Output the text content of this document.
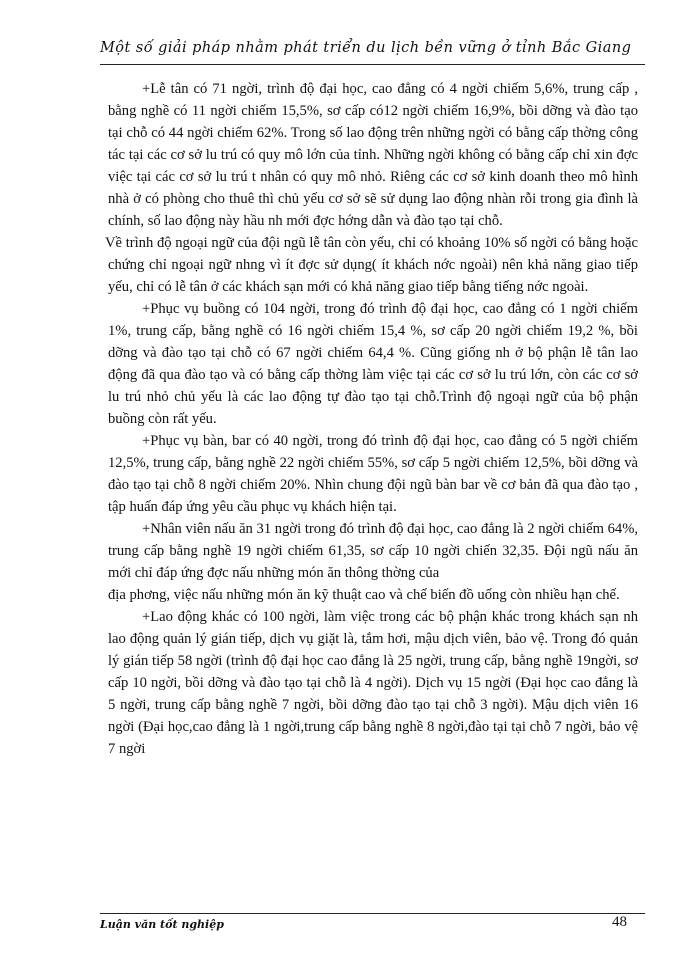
Một số giải pháp nhằm phát triển du lịch bền vững ở tỉnh Bắc Giang

+Lễ tân có 71 ngời, trình độ đại học, cao đẳng có 4 ngời chiếm 5,6%, trung cấp , bằng nghề có 11 ngời chiếm 15,5%, sơ cấp có12 ngời chiếm 16,9%, bồi dỡng và đào tạo tại chỗ có 44 ngời chiếm 62%. Trong số lao động trên những ngời có bằng cấp thờng công tác tại các cơ sở lu trú có quy mô lớn của tỉnh. Những ngời không có bằng cấp chỉ xin đợc việc tại các cơ sở lu trú t nhân có quy mô nhỏ. Riêng các cơ sở kinh doanh theo mô hình nhà ở có phòng cho thuê thì chủ yếu cơ sở sẽ sử dụng lao động nhàn rỗi trong gia đình là chính, số lao động này hầu nh mới đợc hớng dẫn và đào tạo tại chỗ.

Về trình độ ngoại ngữ của đội ngũ lễ tân còn yếu, chỉ có khoảng 10% số ngời có bằng hoặc chứng chỉ ngoại ngữ nhng vì ít đợc sử dụng( ít khách nớc ngoài) nên khả năng giao tiếp yếu, chỉ có lễ tân ở các khách sạn mới có khả năng giao tiếp bằng tiếng nớc ngoài.

+Phục vụ buồng có 104 ngời, trong đó trình độ đại học, cao đẳng có 1 ngời chiếm 1%, trung cấp, bằng nghề có 16 ngời chiếm 15,4 %, sơ cấp 20 ngời chiếm 19,2 %, bồi dỡng và đào tạo tại chỗ có 67 ngời chiếm 64,4 %. Cũng giống nh ở bộ phận lễ tân lao động đã qua đào tạo và có bằng cấp thờng làm việc tại các cơ sở lu trú lớn, còn các cơ sở lu trú nhỏ chủ yếu là các lao động tự đào tạo tại chỗ.Trình độ ngoại ngữ của bộ phận buồng còn rất yếu.

+Phục vụ bàn, bar có 40 ngời, trong đó trình độ đại học, cao đẳng có 5 ngời chiếm 12,5%, trung cấp, bằng nghề 22 ngời chiếm 55%, sơ cấp 5 ngời chiếm 12,5%, bồi dỡng và đào tạo tại chỗ 8 ngời chiếm 20%. Nhìn chung đội ngũ bàn bar về cơ bản đã qua đào tạo , tập huấn đáp ứng yêu cầu phục vụ khách hiện tại.

+Nhân viên nấu ăn 31 ngời trong đó trình độ đại học, cao đẳng là 2 ngời chiếm 64%, trung cấp bằng nghề 19 ngời chiếm 61,35, sơ cấp 10 ngời chiến 32,35. Đội ngũ nấu ăn mới chỉ đáp ứng đợc nấu những món ăn thông thờng của

địa phơng, việc nấu những món ăn kỹ thuật cao và chế biến đồ uống còn nhiều hạn chế.

+Lao động khác có 100 ngời, làm việc trong các bộ phận khác trong khách sạn nh lao động quản lý gián tiếp, dịch vụ giặt là, tắm hơi, mậu dịch viên, bảo vệ. Trong đó quản lý gián tiếp 58 ngời (trình độ đại học cao đẳng là 25 ngời, trung cấp, bằng nghề 19ngời, sơ cấp 10 ngời, bồi dỡng và đào tạo tại chỗ là 4 ngời). Dịch vụ 15 ngời (Đại học cao đẳng là 5 ngời, trung cấp bằng nghề 7 ngời, bồi dỡng đào tạo tại chỗ 3 ngời). Mậu dịch viên 16 ngời (Đại học,cao đẳng là 1 ngời,trung cấp bằng nghề 8 ngời,đào tại tại chỗ 7 ngời, bảo vệ 7 ngời

Luận văn tốt nghiệp	48
